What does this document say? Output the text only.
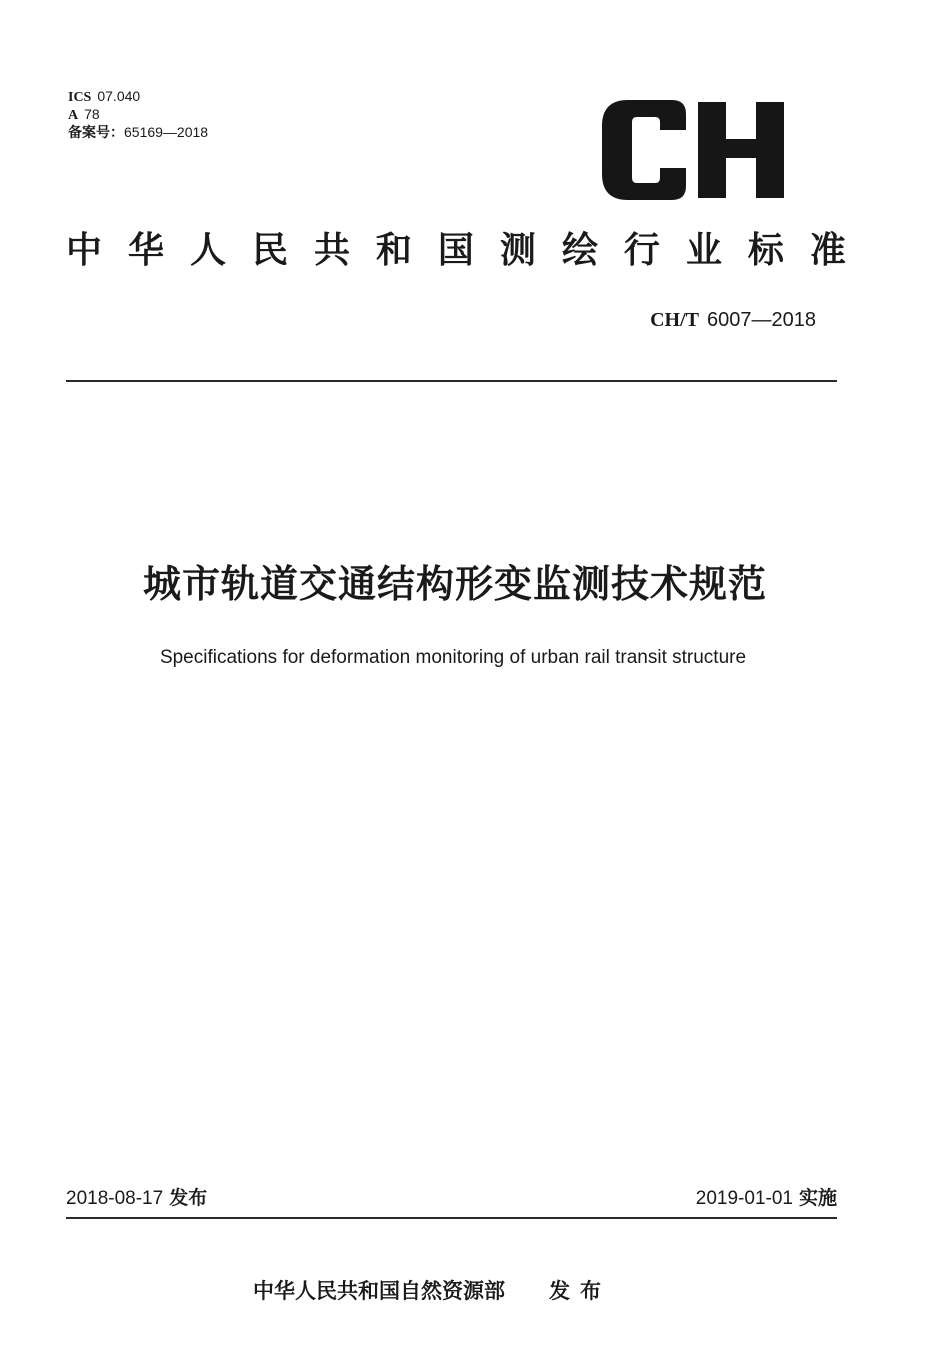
ICS 07.040
A 78
备案号：65169—2018
中 华 人 民 共 和 国 测 绘 行 业 标 准
CH/T 6007—2018
城市轨道交通结构形变监测技术规范
Specifications for deformation monitoring of urban rail transit structure
2018-08-17 发布	2019-01-01 实施
中华人民共和国自然资源部 发布
